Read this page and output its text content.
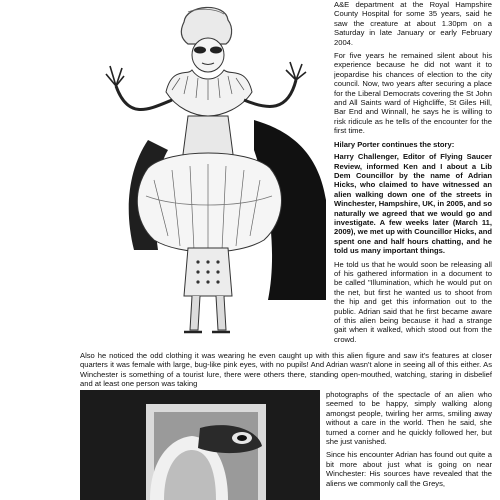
A&E department at the Royal Hampshire County Hospital for some 35 years, said he saw the creature at about 1.30pm on a Saturday in late January or early February 2004.

For five years he remained silent about his experience because he did not want it to jeopardise his chances of election to the city council. Now, two years after securing a place for the Liberal Democrats covering the St John and All Saints ward of Highcliffe, St Giles Hill, Bar End and Winnall, he says he is willing to risk ridicule as he tells of the encounter for the first time.

Hilary Porter continues the story:

Harry Challenger, Editor of Flying Saucer Review, informed Ken and I about a Lib Dem Councillor by the name of Adrian Hicks, who claimed to have witnessed an alien walking down one of the streets in Winchester, Hampshire, UK, in 2005, and so naturally we agreed that we would go and investigate. A few weeks later (March 11, 2009), we met up with Councillor Hicks, and spent one and half hours chatting, and he told us many important things.

He told us that he would soon be releasing all of his gathered information in a document to be called "Illumination, which he would put on the net, but first he wanted us to shoot from the hip and get this information out to the public. Adrian said that he first became aware of this alien being because it had a strange gait when it walked, which stood out from the crowd.

Also he noticed the odd clothing it was wearing he even caught up with this alien figure and saw it's features at closer quarters it was female with large, bug-like pink eyes, with no pupils! And Adrian wasn't alone in seeing all of this either. As Winchester is something of a tourist lure, there were others there, standing open-mouthed, watching, staring in disbelief and at least one person was taking

photographs of the spectacle of an alien who seemed to be happy, simply walking along amongst people, twirling her arms, smiling away without a care in the world. Then he said, she turned a corner and he quickly followed her, but she just vanished.

Since his encounter Adrian has found out quite a bit more about just what is going on near Winchester: His sources have revealed that the aliens we commonly call the Greys,
